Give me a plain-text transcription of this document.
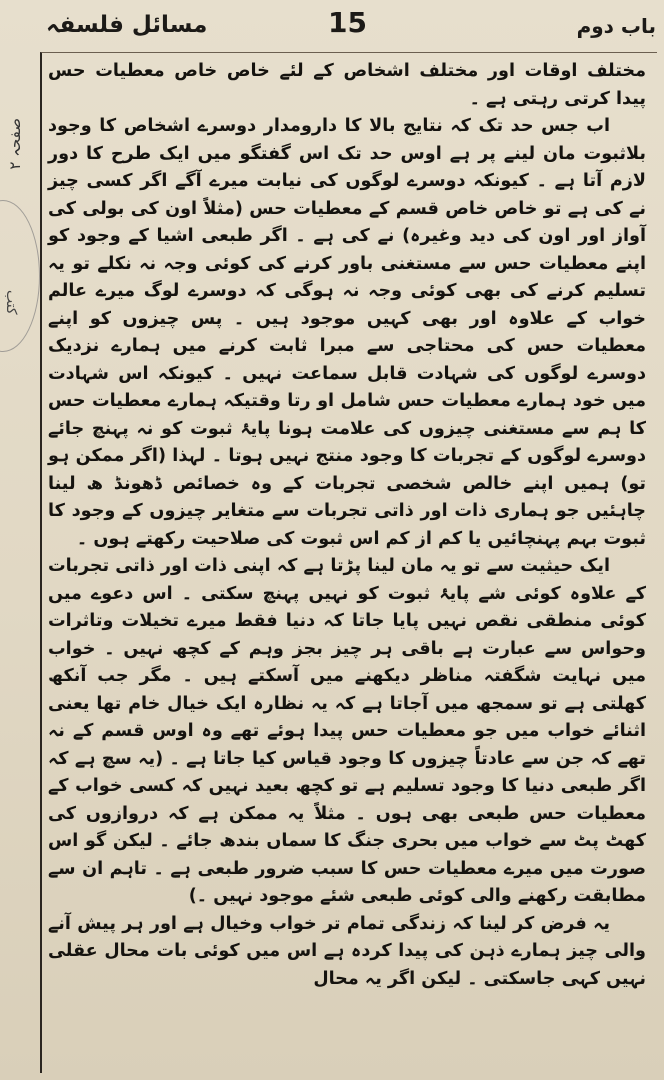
باب دوم
15
مسائل فلسفہ
صفحہ ۲
کتب

مختلف اوقات اور مختلف اشخاص کے لئے خاص خاص معطیات حس پیدا کرتی رہتی ہے ۔

اب جس حد تک کہ نتایج بالا کا دارومدار دوسرے اشخاص کا وجود بلاثبوت مان لینے پر ہے اوس حد تک اس گفتگو میں ایک طرح کا دور لازم آتا ہے ۔ کیونکہ دوسرے لوگوں کی نیابت میرے آگے اگر کسی چیز نے کی ہے تو خاص خاص قسم کے معطیات حس (مثلاً اون کی بولی کی آواز اور اون کی دید وغیرہ) نے کی ہے ۔ اگر طبعی اشیا کے وجود کو اپنے معطیات حس سے مستغنی باور کرنے کی کوئی وجہ نہ نکلے تو یہ تسلیم کرنے کی بھی کوئی وجہ نہ ہوگی کہ دوسرے لوگ میرے عالم خواب کے علاوہ اور بھی کہیں موجود ہیں ۔ پس چیزوں کو اپنے معطیات حس کی محتاجی سے مبرا ثابت کرنے میں ہمارے نزدیک دوسرے لوگوں کی شہادت قابل سماعت نہیں ۔ کیونکہ اس شہادت میں خود ہمارے معطیات حس شامل او رتا وقتیکہ ہمارے معطیات حس کا ہم سے مستغنی چیزوں کی علامت ہونا پایۂ ثبوت کو نہ پہنچ جائے دوسرے لوگوں کے تجربات کا وجود منتج نہیں ہوتا ۔ لہذا (اگر ممکن ہو تو) ہمیں اپنے خالص شخصی تجربات کے وہ خصائص ڈھونڈ ھ لینا چاہئیں جو ہماری ذات اور ذاتی تجربات سے متغایر چیزوں کے وجود کا ثبوت بہم پہنچائیں یا کم از کم اس ثبوت کی صلاحیت رکھتے ہوں ۔

ایک حیثیت سے تو یہ مان لینا پڑتا ہے کہ اپنی ذات اور ذاتی تجربات کے علاوہ کوئی شے پایۂ ثبوت کو نہیں پہنچ سکتی ۔ اس دعوے میں کوئی منطقی نقص نہیں پایا جاتا کہ دنیا فقط میرے تخیلات وتاثرات وحواس سے عبارت ہے باقی ہر چیز بجز وہم کے کچھ نہیں ۔ خواب میں نہایت شگفتہ مناظر دیکھنے میں آسکتے ہیں ۔ مگر جب آنکھ کھلتی ہے تو سمجھ میں آجاتا ہے کہ یہ نظارہ ایک خیال خام تھا یعنی اثنائے خواب میں جو معطیات حس پیدا ہوئے تھے وہ اوس قسم کے نہ تھے کہ جن سے عادتاً چیزوں کا وجود قیاس کیا جاتا ہے ۔ (یہ سچ ہے کہ اگر طبعی دنیا کا وجود تسلیم ہے تو کچھ بعید نہیں کہ کسی خواب کے معطیات حس طبعی بھی ہوں ۔ مثلاً یہ ممکن ہے کہ دروازوں کی کھٹ پٹ سے خواب میں بحری جنگ کا سماں بندھ جائے ۔ لیکن گو اس صورت میں میرے معطیات حس کا سبب ضرور طبعی ہے ۔ تاہم ان سے مطابقت رکھنے والی کوئی طبعی شئے موجود نہیں ۔)

یہ فرض کر لینا کہ زندگی تمام تر خواب وخیال ہے اور ہر پیش آنے والی چیز ہمارے ذہن کی پیدا کردہ ہے اس میں کوئی بات محال عقلی نہیں کہی جاسکتی ۔ لیکن اگر یہ محال
